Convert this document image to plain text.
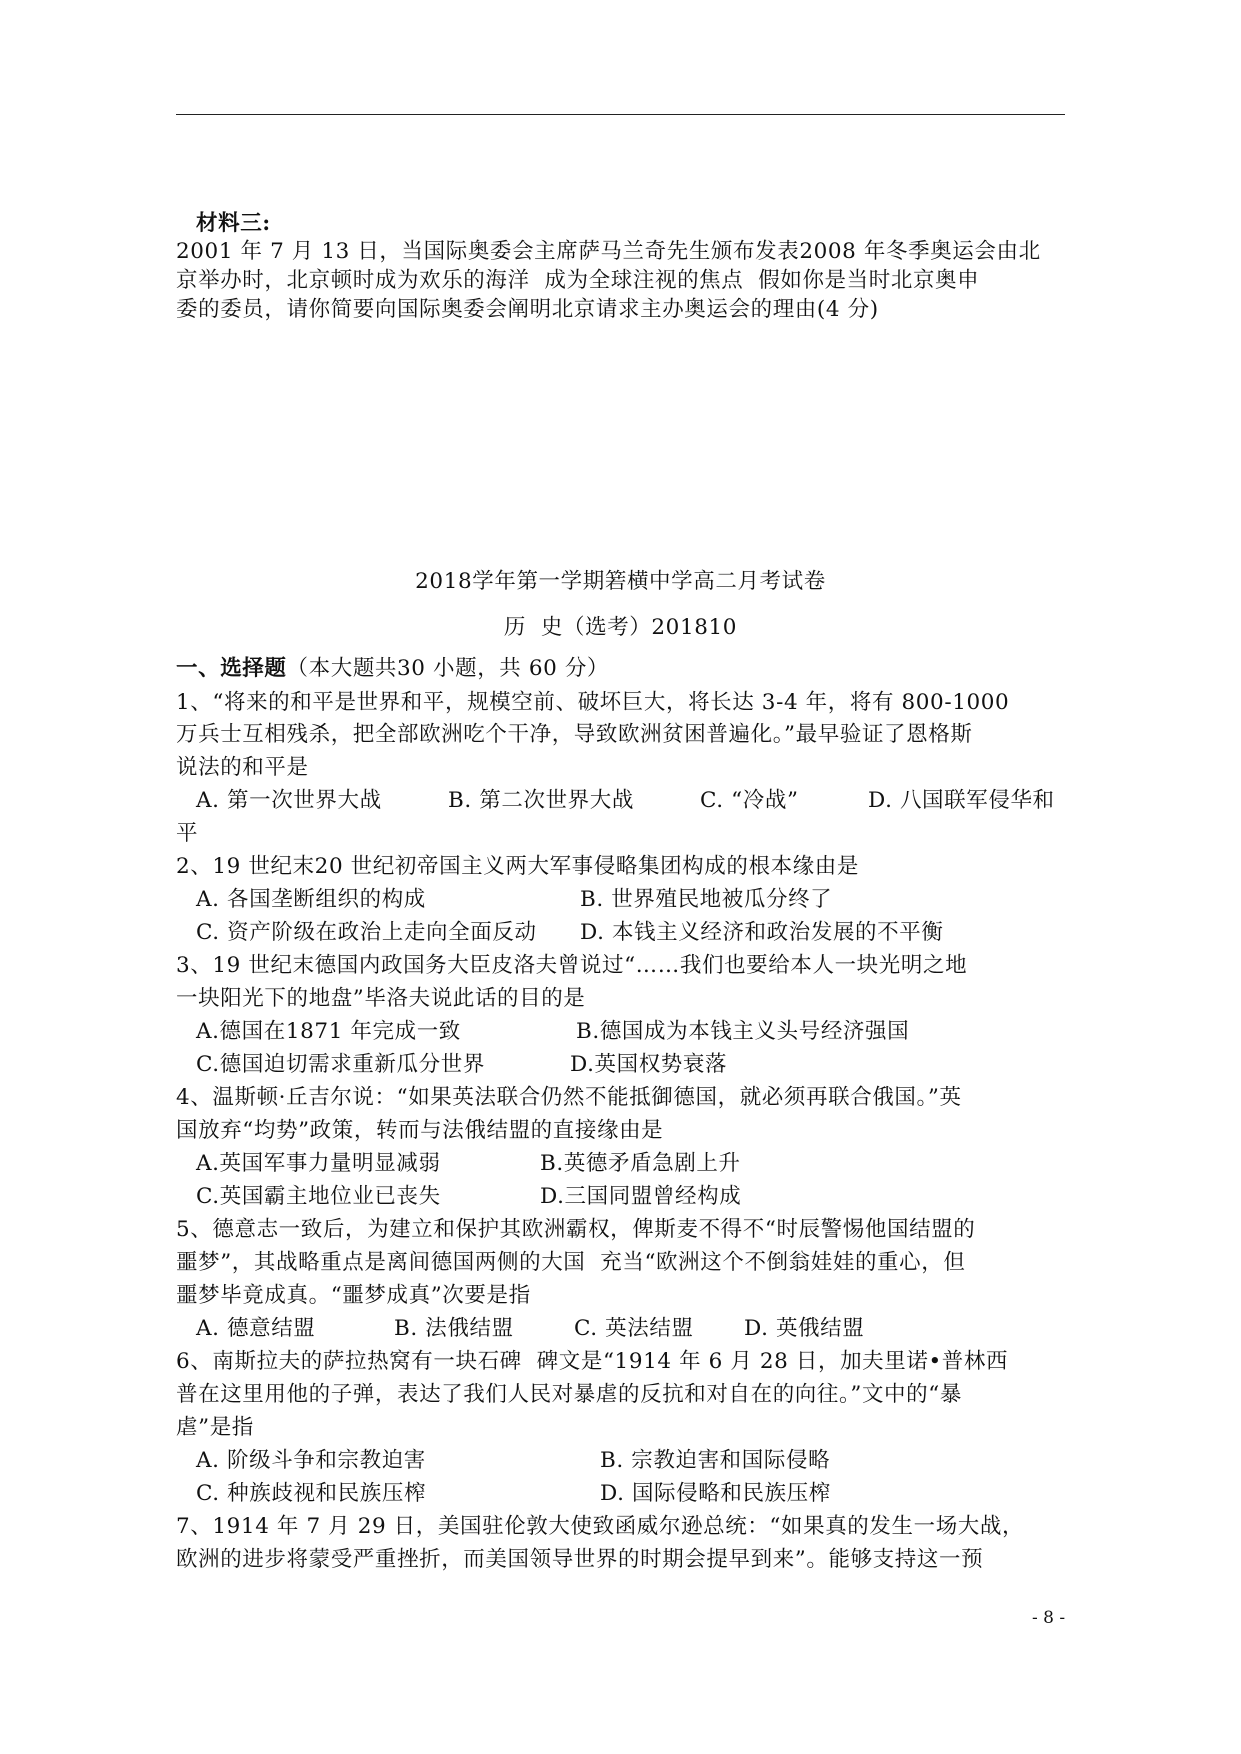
材料三:
2001 年 7 月 13 日，当国际奥委会主席萨马兰奇先生颁布发表2008 年冬季奥运会由北
京举办时，北京顿时成为欢乐的海洋  成为全球注视的焦点  假如你是当时北京奥申
委的委员，请你简要向国际奥委会阐明北京请求主办奥运会的理由(4 分)
2018学年第一学期箬横中学高二月考试卷
历  史（选考）201810
一、选择题（本大题共30 小题，共 60 分）
1、“将来的和平是世界和平，规模空前、破坏巨大，将长达 3-4 年，将有 800-1000
万兵士互相残杀，把全部欧洲吃个干净，导致欧洲贫困普遍化。”最早验证了恩格斯
说法的和平是
A. 第一次世界大战	B. 第二次世界大战	C. “冷战”	D. 八国联军侵华和
平
2、19 世纪末20 世纪初帝国主义两大军事侵略集团构成的根本缘由是
A. 各国垄断组织的构成	B. 世界殖民地被瓜分终了
C. 资产阶级在政治上走向全面反动 D. 本钱主义经济和政治发展的不平衡
3、19 世纪末德国内政国务大臣皮洛夫曾说过“……我们也要给本人一块光明之地
一块阳光下的地盘”毕洛夫说此话的目的是
A.德国在1871 年完成一致	B.德国成为本钱主义头号经济强国
C.德国迫切需求重新瓜分世界	D.英国权势衰落
4、温斯顿·丘吉尔说：“如果英法联合仍然不能抵御德国，就必须再联合俄国。”英
国放弃“均势”政策，转而与法俄结盟的直接缘由是
A.英国军事力量明显减弱	B.英德矛盾急剧上升
C.英国霸主地位业已丧失	D.三国同盟曾经构成
5、德意志一致后，为建立和保护其欧洲霸权，俾斯麦不得不“时辰警惕他国结盟的
噩梦”，其战略重点是离间德国两侧的大国  充当“欧洲这个不倒翁娃娃的重心，但
噩梦毕竟成真。“噩梦成真”次要是指
A. 德意结盟	B. 法俄结盟	C. 英法结盟 D. 英俄结盟
6、南斯拉夫的萨拉热窝有一块石碑  碑文是“1914 年 6 月 28 日，加夫里诺•普林西
普在这里用他的子弹，表达了我们人民对暴虐的反抗和对自在的向往。”文中的“暴
虐”是指
A. 阶级斗争和宗教迫害	B. 宗教迫害和国际侵略
C. 种族歧视和民族压榨	D. 国际侵略和民族压榨
7、1914 年 7 月 29 日，美国驻伦敦大使致函威尔逊总统：“如果真的发生一场大战，
欧洲的进步将蒙受严重挫折，而美国领导世界的时期会提早到来”。能够支持这一预
- 8 -
